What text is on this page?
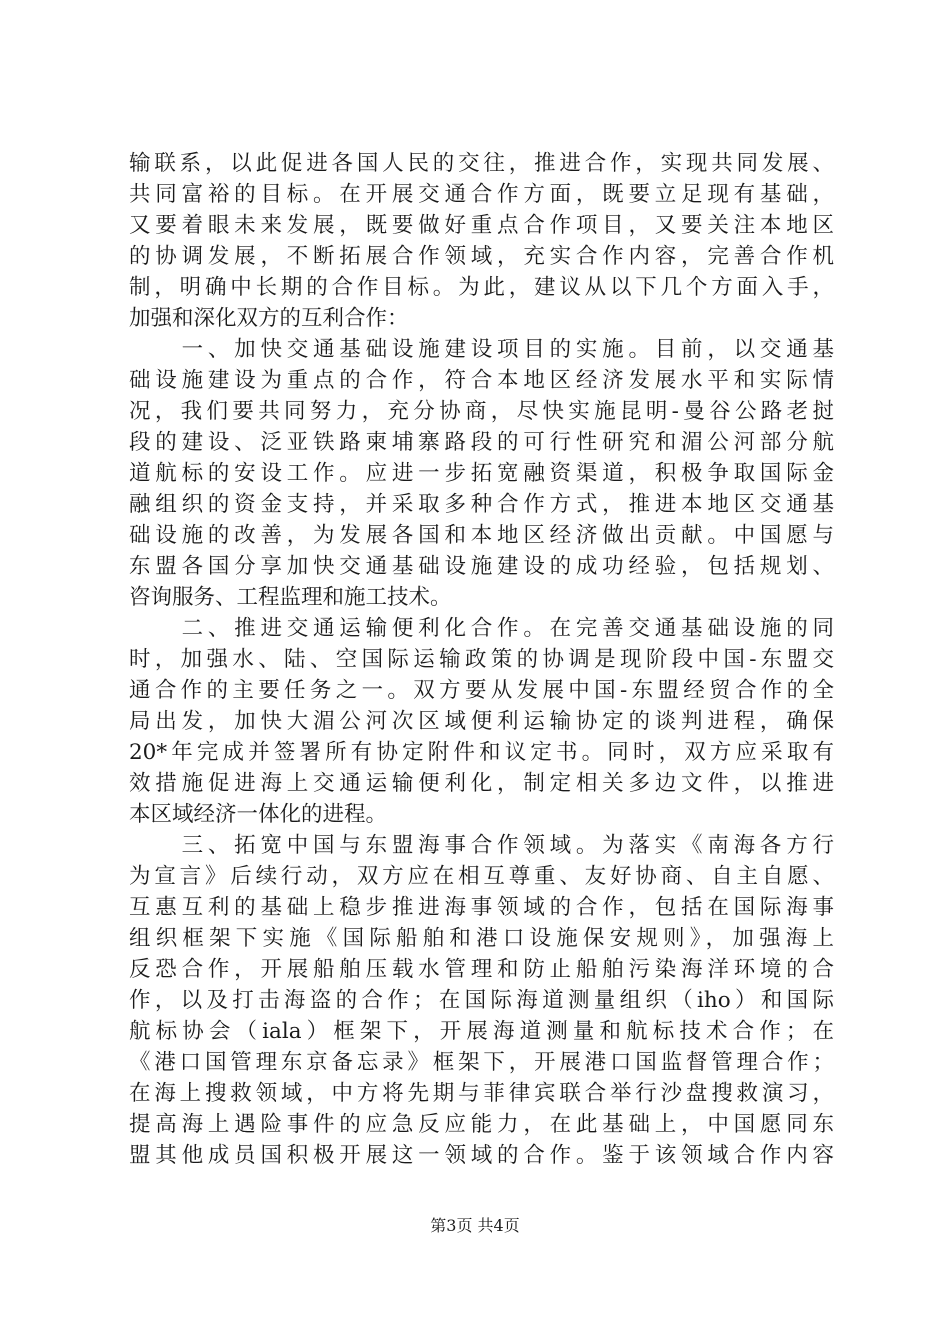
输联系，以此促进各国人民的交往，推进合作，实现共同发展、
共同富裕的目标。在开展交通合作方面，既要立足现有基础，
又要着眼未来发展，既要做好重点合作项目，又要关注本地区
的协调发展，不断拓展合作领域，充实合作内容，完善合作机
制，明确中长期的合作目标。为此，建议从以下几个方面入手，
加强和深化双方的互利合作：
　　一、加快交通基础设施建设项目的实施。目前，以交通基
础设施建设为重点的合作，符合本地区经济发展水平和实际情
况，我们要共同努力，充分协商，尽快实施昆明-曼谷公路老挝
段的建设、泛亚铁路柬埔寨路段的可行性研究和湄公河部分航
道航标的安设工作。应进一步拓宽融资渠道，积极争取国际金
融组织的资金支持，并采取多种合作方式，推进本地区交通基
础设施的改善，为发展各国和本地区经济做出贡献。中国愿与
东盟各国分享加快交通基础设施建设的成功经验，包括规划、
咨询服务、工程监理和施工技术。
　　二、推进交通运输便利化合作。在完善交通基础设施的同
时，加强水、陆、空国际运输政策的协调是现阶段中国-东盟交
通合作的主要任务之一。双方要从发展中国-东盟经贸合作的全
局出发，加快大湄公河次区域便利运输协定的谈判进程，确保
20*年完成并签署所有协定附件和议定书。同时，双方应采取有
效措施促进海上交通运输便利化，制定相关多边文件，以推进
本区域经济一体化的进程。
　　三、拓宽中国与东盟海事合作领域。为落实《南海各方行
为宣言》后续行动，双方应在相互尊重、友好协商、自主自愿、
互惠互利的基础上稳步推进海事领域的合作，包括在国际海事
组织框架下实施《国际船舶和港口设施保安规则》，加强海上
反恐合作，开展船舶压载水管理和防止船舶污染海洋环境的合
作，以及打击海盗的合作；在国际海道测量组织（iho）和国际
航标协会（iala）框架下，开展海道测量和航标技术合作；在
《港口国管理东京备忘录》框架下，开展港口国监督管理合作；
在海上搜救领域，中方将先期与菲律宾联合举行沙盘搜救演习，
提高海上遇险事件的应急反应能力，在此基础上，中国愿同东
盟其他成员国积极开展这一领域的合作。鉴于该领域合作内容
第3页 共4页
